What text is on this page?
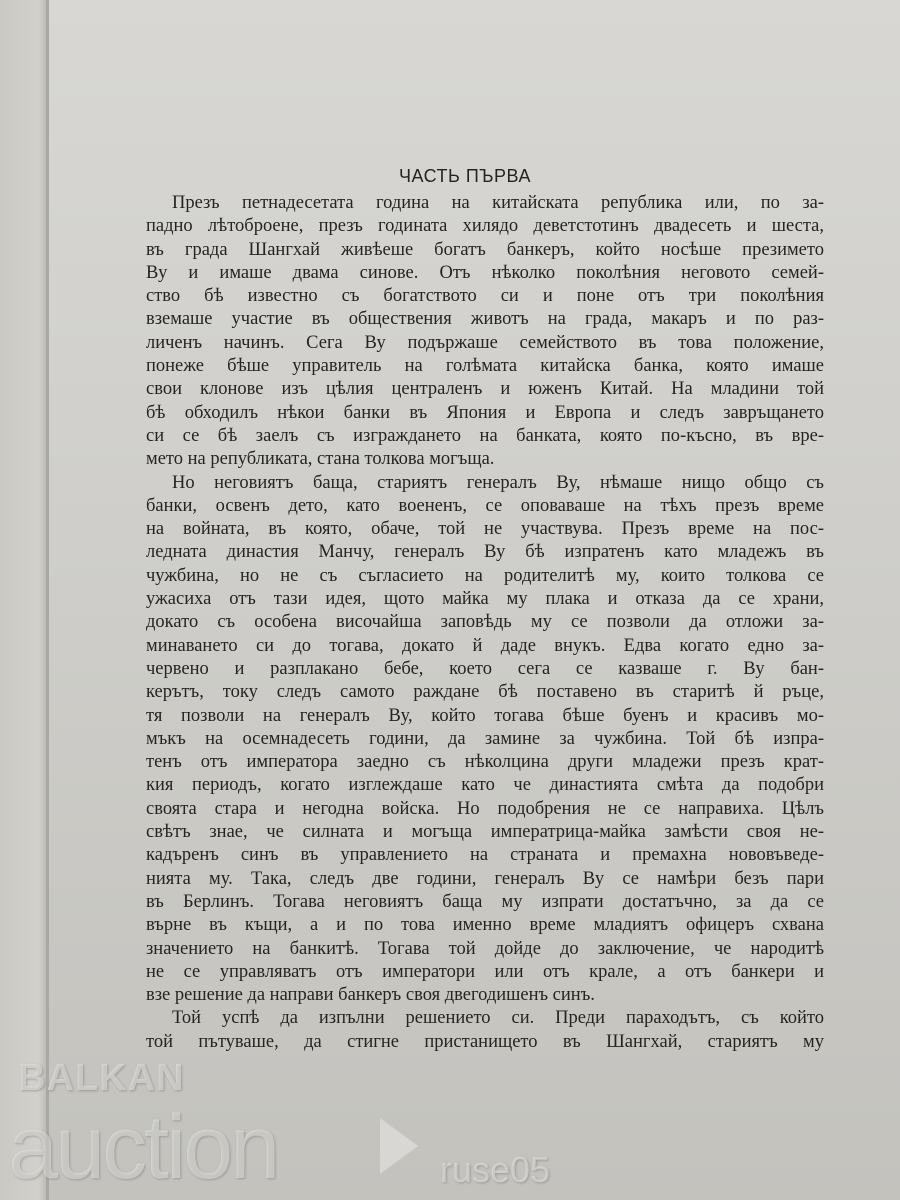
ЧАСТЬ ПЪРВА
Презъ петнадесетата година на китайската република или, по за-
падно лѣтоброене, презъ годината хилядо деветстотинъ двадесеть и шеста,
въ града Шангхай живѣеше богатъ банкеръ, който носѣше презимето
Ву и имаше двама синове. Отъ нѣколко поколѣния неговото семей-
ство бѣ известно съ богатството си и поне отъ три поколѣния
вземаше участие въ обществения животъ на града, макаръ и по раз-
личенъ начинъ. Сега Ву подържаше семейството въ това положение,
понеже бѣше управитель на голѣмата китайска банка, която имаше
свои клонове изъ цѣлия централенъ и юженъ Китай. На младини той
бѣ обходилъ нѣкои банки въ Япония и Европа и следъ завръщането
си се бѣ заелъ съ изграждането на банката, която по-късно, въ вре-
мето на републиката, стана толкова могъща.
Но неговиятъ баща, стариятъ генералъ Ву, нѣмаше нищо общо съ
банки, освенъ дето, като воененъ, се оповаваше на тѣхъ презъ време
на войната, въ която, обаче, той не участвува. Презъ време на пос-
ледната династия Манчу, генералъ Ву бѣ изпратенъ като младежъ въ
чужбина, но не съ съгласието на родителитѣ му, които толкова се
ужасиха отъ тази идея, щото майка му плака и отказа да се храни,
докато съ особена височайша заповѣдь му се позволи да отложи за-
минаването си до тогава, докато й даде внукъ. Едва когато едно за-
червено и разплакано бебе, което сега се казваше г. Ву бан-
керътъ, току следъ самото раждане бѣ поставено въ старитѣ й ръце,
тя позволи на генералъ Ву, който тогава бѣше буенъ и красивъ мо-
мъкъ на осемнадесеть години, да замине за чужбина. Той бѣ изпра-
тенъ отъ императора заедно съ нѣколцина други младежи презъ крат-
кия периодъ, когато изглеждаше като че династията смѣта да подобри
своята стара и негодна войска. Но подобрения не се направиха. Цѣлъ
свѣтъ знае, че силната и могъща императрица-майка замѣсти своя не-
кадъренъ синъ въ управлението на страната и премахна нововъведе-
нията му. Така, следъ две години, генералъ Ву се намѣри безъ пари
въ Берлинъ. Тогава неговиятъ баща му изпрати достатъчно, за да се
върне въ къщи, а и по това именно време младиятъ офицеръ схвана
значението на банкитѣ. Тогава той дойде до заключение, че народитѣ
не се управляватъ отъ императори или отъ крале, а отъ банкери и
взе решение да направи банкеръ своя двегодишенъ синъ.
Той успѣ да изпълни решението си. Преди параходътъ, съ който
той пътуваше, да стигне пристанището въ Шангхай, стариятъ му
BALKAN
auction	ruse05
